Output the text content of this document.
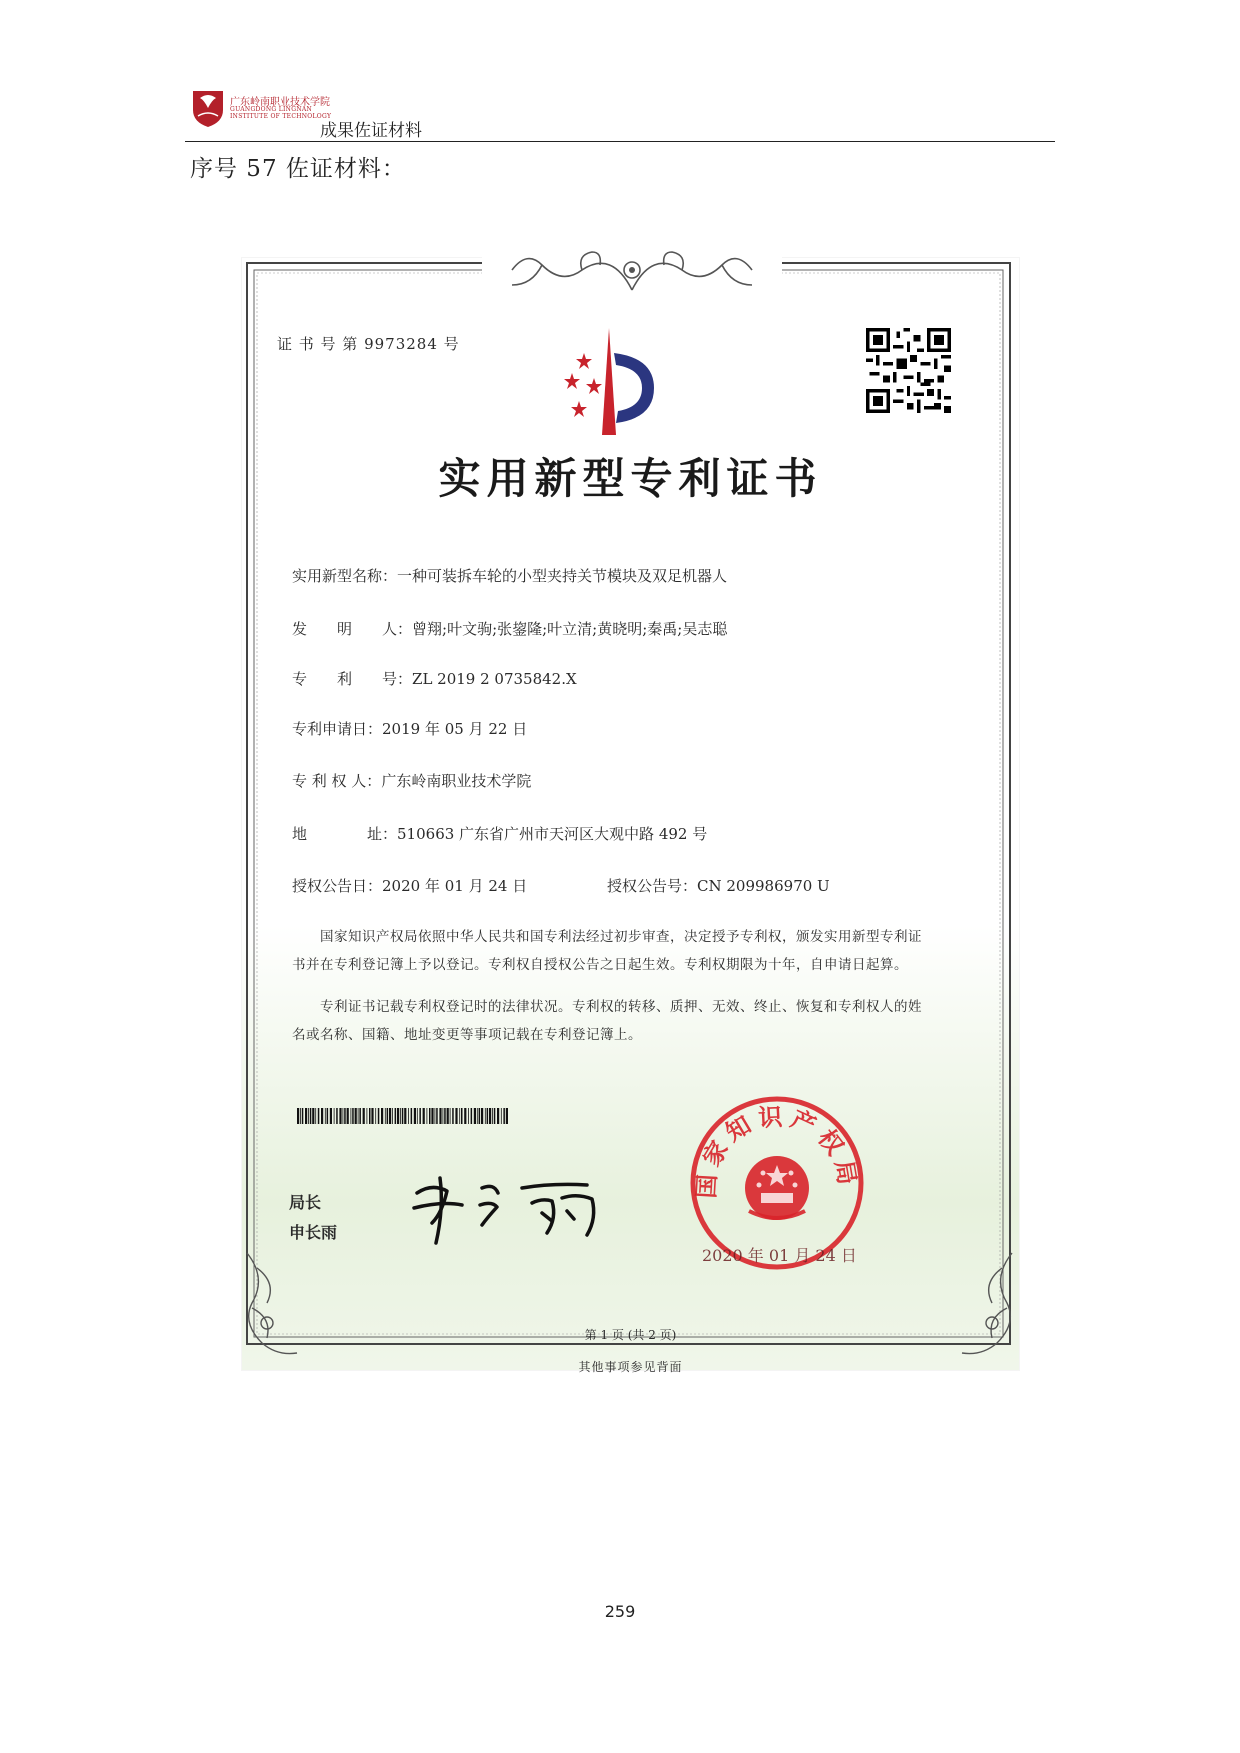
广东岭南职业技术学院
GUANGDONG LINGNAN
INSTITUTE OF TECHNOLOGY
成果佐证材料
序号 57 佐证材料：
证 书 号 第 9973284 号
实用新型专利证书
实用新型名称：一种可装拆车轮的小型夹持关节模块及双足机器人
发　　明　　人：曾翔;叶文驹;张鋆隆;叶立清;黄晓明;秦禹;吴志聪
专　　利　　号：ZL 2019 2 0735842.X
专利申请日：2019 年 05 月 22 日
专 利 权 人：广东岭南职业技术学院
地　　　　址：510663 广东省广州市天河区大观中路 492 号
授权公告日：2020 年 01 月 24 日	授权公告号：CN 209986970 U
国家知识产权局依照中华人民共和国专利法经过初步审查，决定授予专利权，颁发实用新型专利证书并在专利登记簿上予以登记。专利权自授权公告之日起生效。专利权期限为十年，自申请日起算。
专利证书记载专利权登记时的法律状况。专利权的转移、质押、无效、终止、恢复和专利权人的姓名或名称、国籍、地址变更等事项记载在专利登记簿上。
局长
申长雨
国家知识产权局
2020 年 01 月 24 日
第 1 页 (共 2 页)
其他事项参见背面
259
